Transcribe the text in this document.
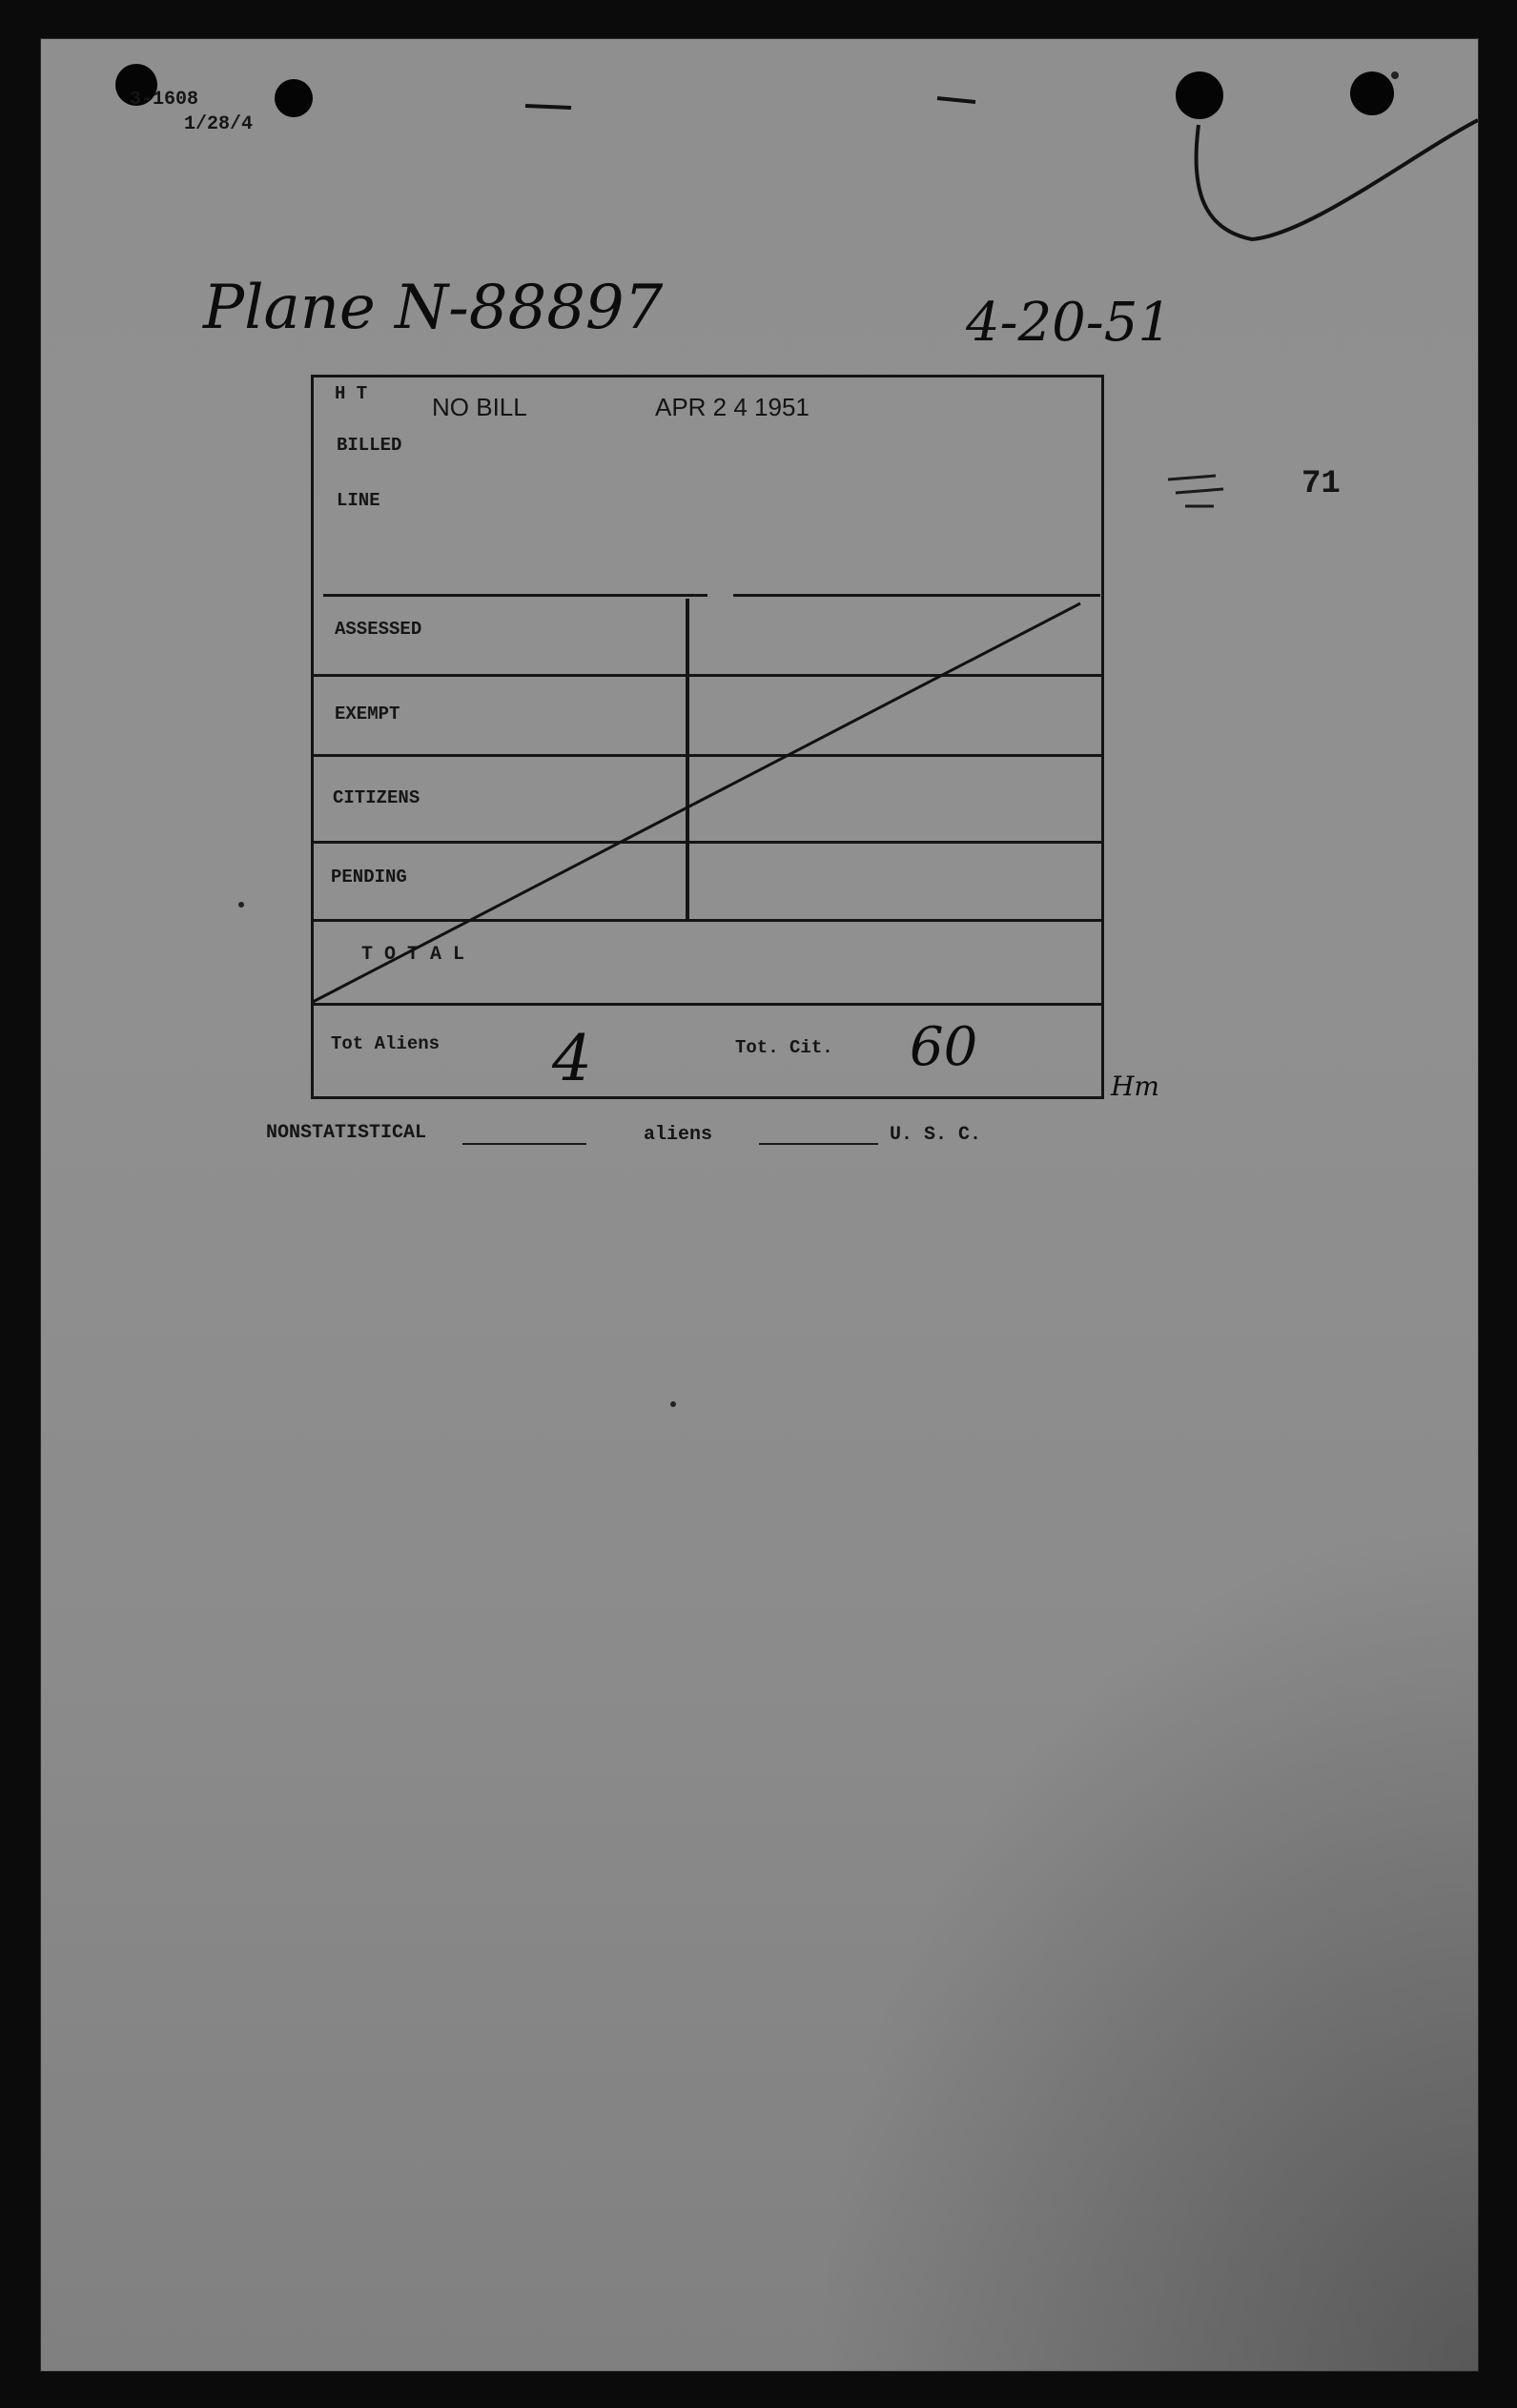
3-1608
1/28/4
Plane N-88897	4-20-51
71
H T	NO BILL	APR 2 4 1951
BILLED
LINE
ASSESSED
EXEMPT
CITIZENS
PENDING
T O T A L
Tot Aliens 4	Tot. Cit. 60
Hm
NONSTATISTICAL	aliens	U. S. C.
